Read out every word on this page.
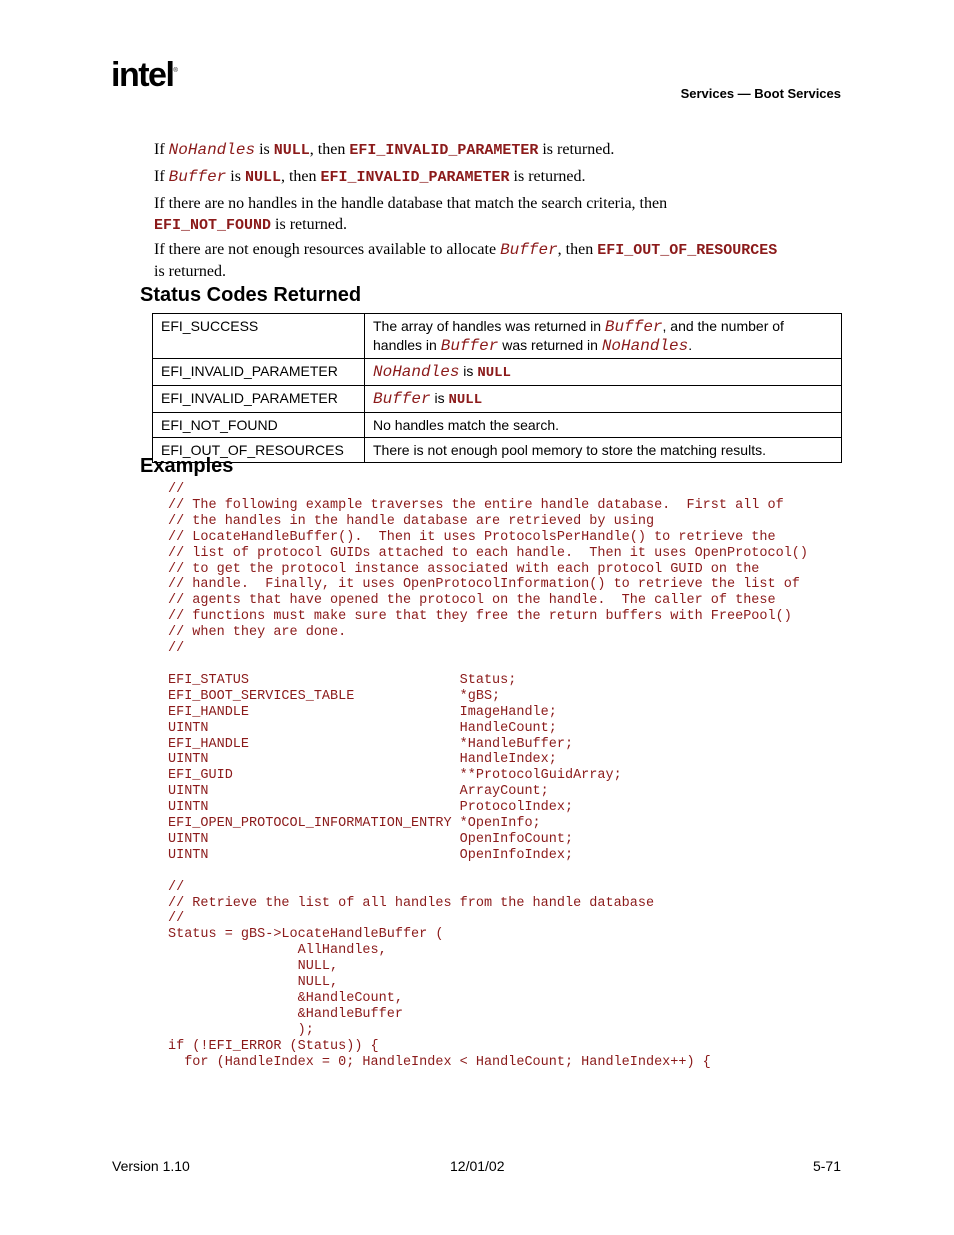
intel®
Services — Boot Services
If NoHandles is NULL, then EFI_INVALID_PARAMETER is returned.
If Buffer is NULL, then EFI_INVALID_PARAMETER is returned.
If there are no handles in the handle database that match the search criteria, then
EFI_NOT_FOUND is returned.
If there are not enough resources available to allocate Buffer, then EFI_OUT_OF_RESOURCES
is returned.
Status Codes Returned
EFI_SUCCESS	The array of handles was returned in Buffer, and the number of handles in Buffer was returned in NoHandles.
EFI_INVALID_PARAMETER	NoHandles is NULL
EFI_INVALID_PARAMETER	Buffer is NULL
EFI_NOT_FOUND	No handles match the search.
EFI_OUT_OF_RESOURCES	There is not enough pool memory to store the matching results.
Examples
//
// The following example traverses the entire handle database.  First all of
// the handles in the handle database are retrieved by using
// LocateHandleBuffer().  Then it uses ProtocolsPerHandle() to retrieve the
// list of protocol GUIDs attached to each handle.  Then it uses OpenProtocol()
// to get the protocol instance associated with each protocol GUID on the
// handle.  Finally, it uses OpenProtocolInformation() to retrieve the list of
// agents that have opened the protocol on the handle.  The caller of these
// functions must make sure that they free the return buffers with FreePool()
// when they are done.
//

EFI_STATUS                          Status;
EFI_BOOT_SERVICES_TABLE             *gBS;
EFI_HANDLE                          ImageHandle;
UINTN                               HandleCount;
EFI_HANDLE                          *HandleBuffer;
UINTN                               HandleIndex;
EFI_GUID                            **ProtocolGuidArray;
UINTN                               ArrayCount;
UINTN                               ProtocolIndex;
EFI_OPEN_PROTOCOL_INFORMATION_ENTRY *OpenInfo;
UINTN                               OpenInfoCount;
UINTN                               OpenInfoIndex;

//
// Retrieve the list of all handles from the handle database
//
Status = gBS->LocateHandleBuffer (
AllHandles,
NULL,
NULL,
&HandleCount,
&HandleBuffer
);
if (!EFI_ERROR (Status)) {
for (HandleIndex = 0; HandleIndex < HandleCount; HandleIndex++) {
Version 1.10	12/01/02	5-71
